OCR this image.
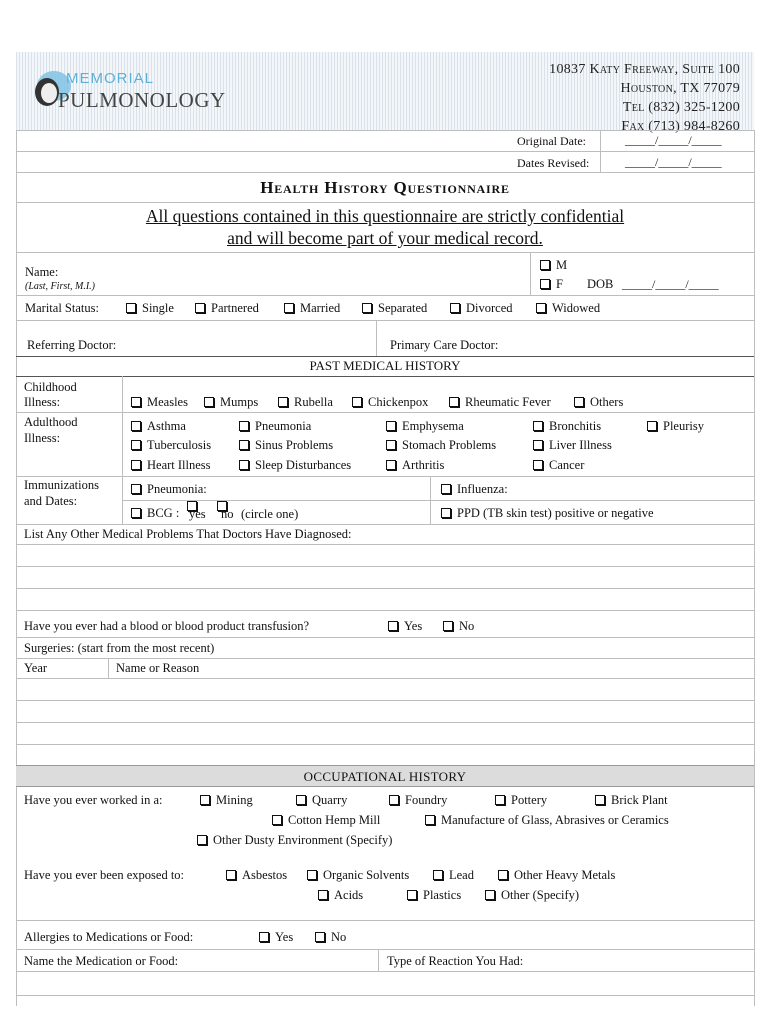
MEMORIAL
PULMONOLOGY
10837 Katy Freeway, Suite 100
Houston, TX 77079
Tel (832) 325-1200
Fax (713) 984-8260
Original Date:	_____/_____/_____
Dates Revised:	_____/_____/_____
Health History Questionnaire
All questions contained in this questionnaire are strictly confidential
and will become part of your medical record.
Name:
(Last, First, M.I.)
M
F DOB _____/_____/_____
Marital Status:	Single	Partnered	Married	Separated	Divorced	Widowed
Referring Doctor:	Primary Care Doctor:
PAST MEDICAL HISTORY
Childhood
Illness:	Measles	Mumps	Rubella	Chickenpox	Rheumatic Fever	Others
Adulthood
Illness:
Asthma	Pneumonia	Emphysema	Bronchitis	Pleurisy
Tuberculosis	Sinus Problems	Stomach Problems	Liver Illness
Heart Illness	Sleep Disturbances	Arthritis	Cancer
Immunizations
and Dates:
Pneumonia:	Influenza:
BCG : yes no (circle one)	PPD (TB skin test) positive or negative
List Any Other Medical Problems That Doctors Have Diagnosed:
Have you ever had a blood or blood product transfusion?	Yes	No
Surgeries: (start from the most recent)
Year	Name or Reason
OCCUPATIONAL HISTORY
Have you ever worked in a:	Mining	Quarry	Foundry	Pottery	Brick Plant
Cotton Hemp Mill	Manufacture of Glass, Abrasives or Ceramics
Other Dusty Environment (Specify)
Have you ever been exposed to:	Asbestos	Organic Solvents	Lead	Other Heavy Metals
Acids	Plastics	Other (Specify)
Allergies to Medications or Food:	Yes	No
Name the Medication or Food:	Type of Reaction You Had:
